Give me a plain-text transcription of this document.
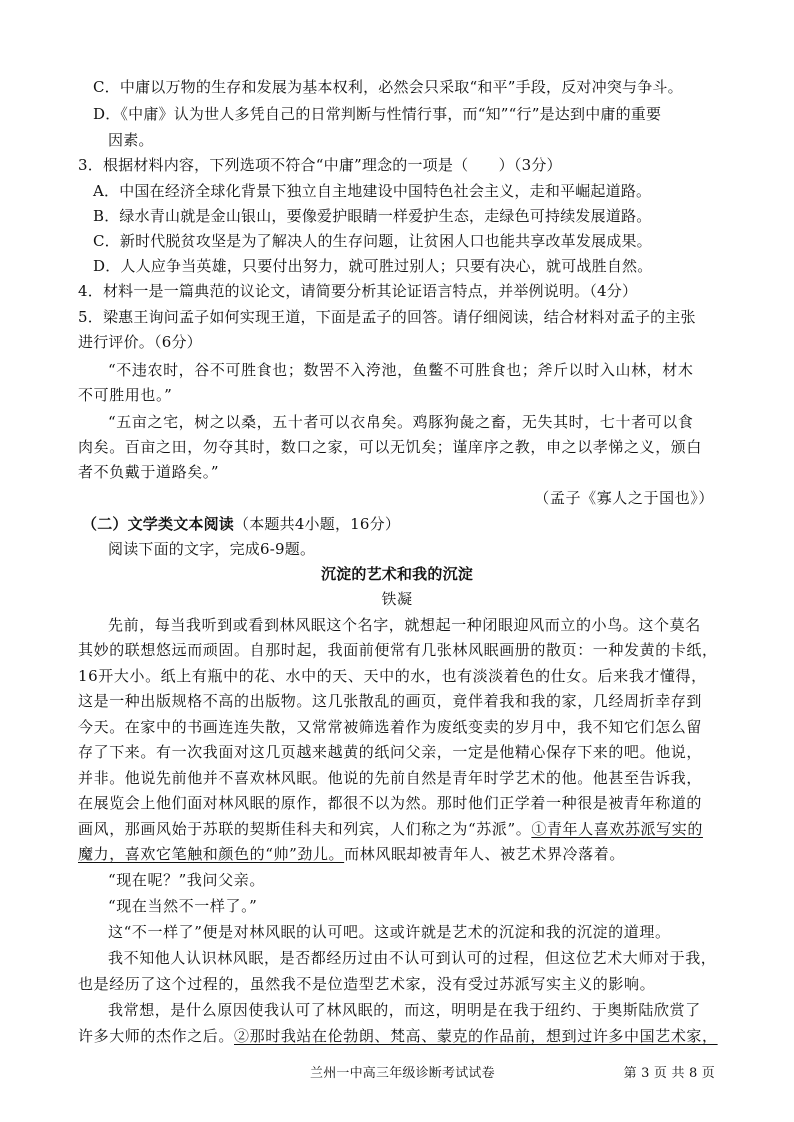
C．中庸以万物的生存和发展为基本权利，必然会只采取“和平”手段，反对冲突与争斗。
D．《中庸》认为世人多凭自己的日常判断与性情行事，而“知”“行”是达到中庸的重要
因素。
3．根据材料内容，下列选项不符合“中庸”理念的一项是（　　）（3分）
A．中国在经济全球化背景下独立自主地建设中国特色社会主义，走和平崛起道路。
B．绿水青山就是金山银山，要像爱护眼睛一样爱护生态，走绿色可持续发展道路。
C．新时代脱贫攻坚是为了解决人的生存问题，让贫困人口也能共享改革发展成果。
D．人人应争当英雄，只要付出努力，就可胜过别人；只要有决心，就可战胜自然。
4．材料一是一篇典范的议论文，请简要分析其论证语言特点，并举例说明。（4分）
5．梁惠王询问孟子如何实现王道，下面是孟子的回答。请仔细阅读，结合材料对孟子的主张
进行评价。（6分）
“不违农时，谷不可胜食也；数罟不入洿池，鱼鳖不可胜食也；斧斤以时入山林，材木
不可胜用也。”
“五亩之宅，树之以桑，五十者可以衣帛矣。鸡豚狗彘之畜，无失其时，七十者可以食
肉矣。百亩之田，勿夺其时，数口之家，可以无饥矣；谨庠序之教，申之以孝悌之义，颁白
者不负戴于道路矣。”
（孟子《寡人之于国也》）
（二）文学类文本阅读（本题共4小题，16分）
阅读下面的文字，完成6-9题。
沉淀的艺术和我的沉淀
铁凝
先前，每当我听到或看到林风眠这个名字，就想起一种闭眼迎风而立的小鸟。这个莫名
其妙的联想悠远而顽固。自那时起，我面前便常有几张林风眠画册的散页：一种发黄的卡纸，
16开大小。纸上有瓶中的花、水中的天、天中的水，也有淡淡着色的仕女。后来我才懂得，
这是一种出版规格不高的出版物。这几张散乱的画页，竟伴着我和我的家，几经周折幸存到
今天。在家中的书画连连失散，又常常被筛选着作为废纸变卖的岁月中，我不知它们怎么留
存了下来。有一次我面对这几页越来越黄的纸问父亲，一定是他精心保存下来的吧。他说，
并非。他说先前他并不喜欢林风眠。他说的先前自然是青年时学艺术的他。他甚至告诉我，
在展览会上他们面对林风眠的原作，都很不以为然。那时他们正学着一种很是被青年称道的
画风，那画风始于苏联的契斯佳科夫和列宾，人们称之为“苏派”。①青年人喜欢苏派写实的
魔力，喜欢它笔触和颜色的“帅”劲儿。而林风眠却被青年人、被艺术界冷落着。
“现在呢？”我问父亲。
“现在当然不一样了。”
这“不一样了”便是对林风眠的认可吧。这或许就是艺术的沉淀和我的沉淀的道理。
我不知他人认识林风眠，是否都经历过由不认可到认可的过程，但这位艺术大师对于我，
也是经历了这个过程的，虽然我不是位造型艺术家，没有受过苏派写实主义的影响。
我常想，是什么原因使我认可了林风眠的，而这，明明是在我于纽约、于奥斯陆欣赏了
许多大师的杰作之后。②那时我站在伦勃朗、梵高、蒙克的作品前，想到过许多中国艺术家，
兰州一中高三年级诊断考试试卷	第 3 页 共 8 页
